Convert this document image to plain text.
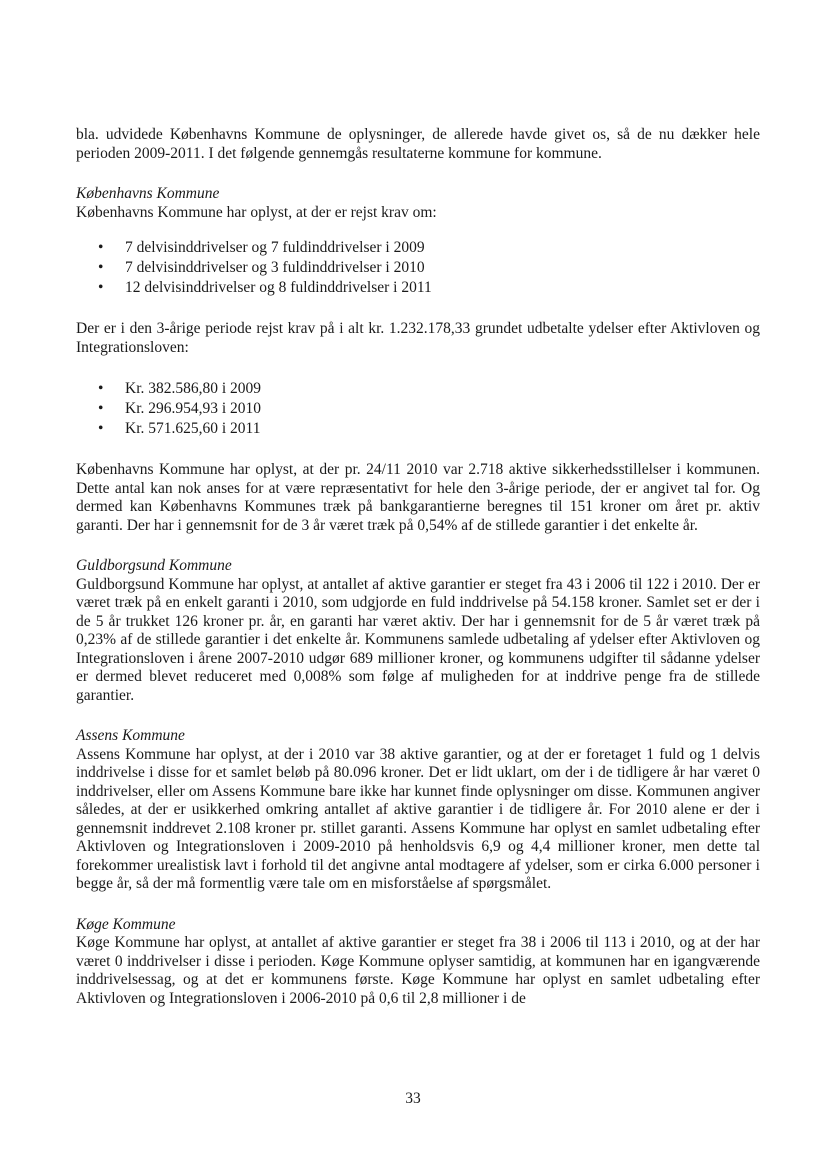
bla. udvidede Københavns Kommune de oplysninger, de allerede havde givet os, så de nu dækker hele perioden 2009-2011. I det følgende gennemgås resultaterne kommune for kommune.

Københavns Kommune

Københavns Kommune har oplyst, at der er rejst krav om:

• 7 delvisinddrivelser og 7 fuldinddrivelser i 2009
• 7 delvisinddrivelser og 3 fuldinddrivelser i 2010
• 12 delvisinddrivelser og 8 fuldinddrivelser i 2011

Der er i den 3-årige periode rejst krav på i alt kr. 1.232.178,33 grundet udbetalte ydelser efter Aktivloven og Integrationsloven:

• Kr. 382.586,80 i 2009
• Kr. 296.954,93 i 2010
• Kr. 571.625,60 i 2011

Københavns Kommune har oplyst, at der pr. 24/11 2010 var 2.718 aktive sikkerhedsstillelser i kommunen. Dette antal kan nok anses for at være repræsentativt for hele den 3-årige periode, der er angivet tal for. Og dermed kan Københavns Kommunes træk på bankgarantierne beregnes til 151 kroner om året pr. aktiv garanti. Der har i gennemsnit for de 3 år været træk på 0,54% af de stillede garantier i det enkelte år.

Guldborgsund Kommune

Guldborgsund Kommune har oplyst, at antallet af aktive garantier er steget fra 43 i 2006 til 122 i 2010. Der er været træk på en enkelt garanti i 2010, som udgjorde en fuld inddrivelse på 54.158 kroner. Samlet set er der i de 5 år trukket 126 kroner pr. år, en garanti har været aktiv. Der har i gennemsnit for de 5 år været træk på 0,23% af de stillede garantier i det enkelte år. Kommunens samlede udbetaling af ydelser efter Aktivloven og Integrationsloven i årene 2007-2010 udgør 689 millioner kroner, og kommunens udgifter til sådanne ydelser er dermed blevet reduceret med 0,008% som følge af muligheden for at inddrive penge fra de stillede garantier.

Assens Kommune

Assens Kommune har oplyst, at der i 2010 var 38 aktive garantier, og at der er foretaget 1 fuld og 1 delvis inddrivelse i disse for et samlet beløb på 80.096 kroner. Det er lidt uklart, om der i de tidligere år har været 0 inddrivelser, eller om Assens Kommune bare ikke har kunnet finde oplysninger om disse. Kommunen angiver således, at der er usikkerhed omkring antallet af aktive garantier i de tidligere år. For 2010 alene er der i gennemsnit inddrevet 2.108 kroner pr. stillet garanti. Assens Kommune har oplyst en samlet udbetaling efter Aktivloven og Integrationsloven i 2009-2010 på henholdsvis 6,9 og 4,4 millioner kroner, men dette tal forekommer urealistisk lavt i forhold til det angivne antal modtagere af ydelser, som er cirka 6.000 personer i begge år, så der må formentlig være tale om en misforståelse af spørgsmålet.

Køge Kommune

Køge Kommune har oplyst, at antallet af aktive garantier er steget fra 38 i 2006 til 113 i 2010, og at der har været 0 inddrivelser i disse i perioden. Køge Kommune oplyser samtidig, at kommunen har en igangværende inddrivelsessag, og at det er kommunens første. Køge Kommune har oplyst en samlet udbetaling efter Aktivloven og Integrationsloven i 2006-2010 på 0,6 til 2,8 millioner i de

33
